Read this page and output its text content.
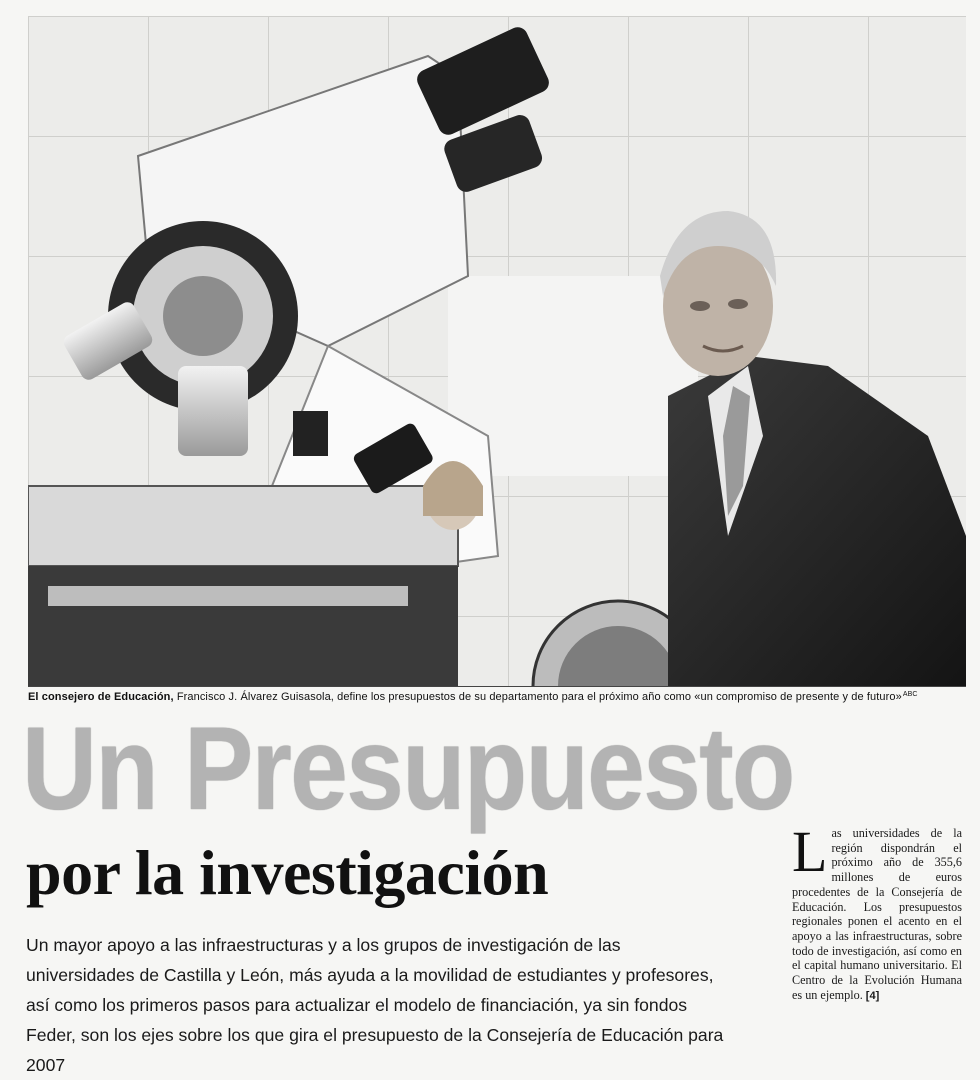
El consejero de Educación, Francisco J. Álvarez Guisasola, define los presupuestos de su departamento para el próximo año como «un compromiso de presente y de futuro»$^{ABC}$
Un Presupuesto
por la investigación
Un mayor apoyo a las infraestructuras y a los grupos de investigación de las universidades de Castilla y León, más ayuda a la movilidad de estudiantes y profesores, así como los primeros pasos para actualizar el modelo de financiación, ya sin fondos Feder, son los ejes sobre los que gira el presupuesto de la Consejería de Educación para 2007
L as universidades de la región dispondrán el próximo año de 355,6 millones de euros procedentes de la Consejería de Educación. Los presupuestos regionales ponen el acento en el apoyo a las infraestructuras, sobre todo de investigación, así como en el capital humano universitario. El Centro de la Evolución Humana es un ejemplo. [4]
